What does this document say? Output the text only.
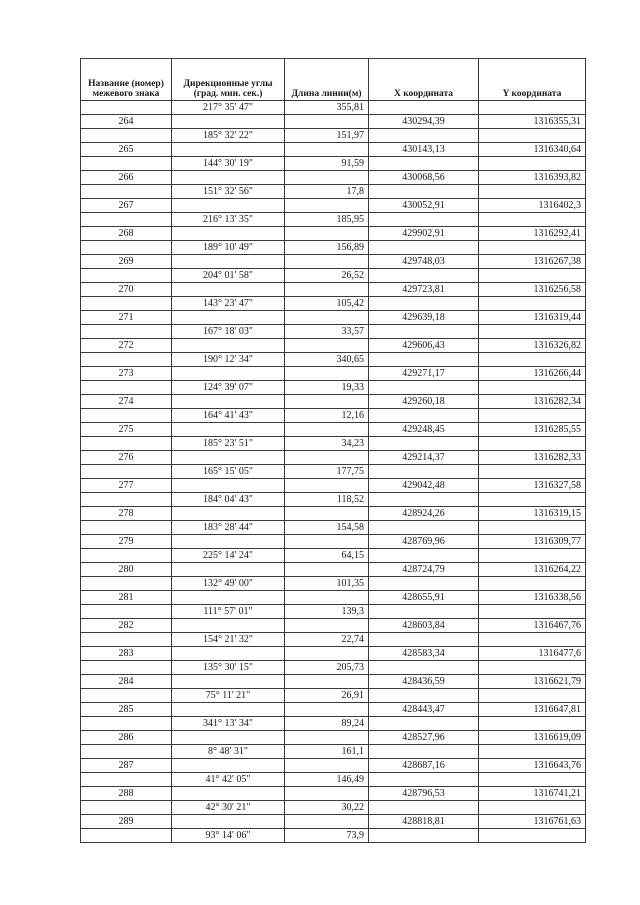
Название (номер) межевого знака	Дирекционные углы (град. мин. сек.)	Длина линии(м)	X координата	Y координата
	217° 35' 47"	355,81		
264			430294,39	1316355,31
	185° 32' 22"	151,97		
265			430143,13	1316340,64
	144° 30' 19"	91,59		
266			430068,56	1316393,82
	151° 32' 56"	17,8		
267			430052,91	1316402,3
	216° 13' 35"	185,95		
268			429902,91	1316292,41
	189° 10' 49"	156,89		
269			429748,03	1316267,38
	204° 01' 58"	26,52		
270			429723,81	1316256,58
	143° 23' 47"	105,42		
271			429639,18	1316319,44
	167° 18' 03"	33,57		
272			429606,43	1316326,82
	190° 12' 34"	340,65		
273			429271,17	1316266,44
	124° 39' 07"	19,33		
274			429260,18	1316282,34
	164° 41' 43"	12,16		
275			429248,45	1316285,55
	185° 23' 51"	34,23		
276			429214,37	1316282,33
	165° 15' 05"	177,75		
277			429042,48	1316327,58
	184° 04' 43"	118,52		
278			428924,26	1316319,15
	183° 28' 44"	154,58		
279			428769,96	1316309,77
	225° 14' 24"	64,15		
280			428724,79	1316264,22
	132° 49' 00"	101,35		
281			428655,91	1316338,56
	111° 57' 01"	139,3		
282			428603,84	1316467,76
	154° 21' 32"	22,74		
283			428583,34	1316477,6
	135° 30' 15"	205,73		
284			428436,59	1316621,79
	75° 11' 21"	26,91		
285			428443,47	1316647,81
	341° 13' 34"	89,24		
286			428527,96	1316619,09
	8° 48' 31"	161,1		
287			428687,16	1316643,76
	41° 42' 05"	146,49		
288			428796,53	1316741,21
	42° 30' 21"	30,22		
289			428818,81	1316761,63
	93° 14' 06"	73,9		
